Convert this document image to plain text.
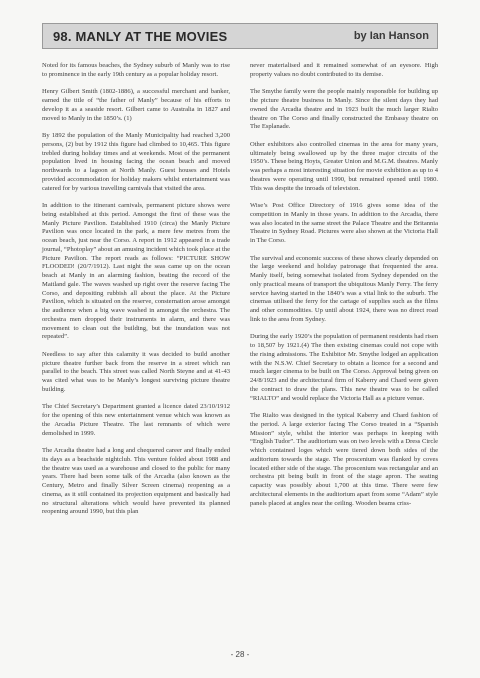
98. MANLY AT THE MOVIES	by Ian Hanson

Noted for its famous beaches, the Sydney suburb of Manly was to rise to prominence in the early 19th century as a popular holiday resort.

Henry Gilbert Smith (1802-1886), a successful merchant and banker, earned the title of “the father of Manly” because of his efforts to develop it as a seaside resort. Gilbert came to Australia in 1827 and moved to Manly in the 1850’s. (1)

By 1892 the population of the Manly Municipality had reached 3,200 persons, (2) but by 1912 this figure had climbed to 10,465. This figure trebled during holiday times and at weekends. Most of the permanent population lived in housing facing the ocean beach and moved northwards to a lagoon at North Manly. Guest houses and Hotels provided accommodation for holiday makers whilst entertainment was catered for by various travelling carnivals that visited the area.

In addition to the itinerant carnivals, permanent picture shows were being established at this period. Amongst the first of these was the Manly Picture Pavilion. Established 1910 (circa) the Manly Picture Pavilion was once located in the park, a mere few metres from the ocean beach, just near the Corso. A report in 1912 appeared in a trade journal, “Photoplay” about an amusing incident which took place at the Picture Pavilion. The report reads as follows: “PICTURE SHOW FLOODED! (20/7/1912). Last night the seas came up on the ocean beach at Manly in an alarming fashion, beating the record of the Maitland gale. The waves washed up right over the reserve facing The Corso, and depositing rubbish all about the place. At the Picture Pavilion, which is situated on the reserve, consternation arose amongst the audience when a big wave washed in amongst the orchestra. The orchestra men dropped their instruments in alarm, and there was movement to clean out the building, but the inundation was not repeated”.

Needless to say after this calamity it was decided to build another picture theatre further back from the reserve in a street which ran parallel to the beach. This street was called North Steyne and at 41-43 was cited what was to be Manly’s longest surviving picture theatre building.

The Chief Secretary’s Department granted a licence dated 23/10/1912 for the opening of this new entertainment venue which was known as the Arcadia Picture Theatre. The last remnants of which were demolished in 1999.

The Arcadia theatre had a long and chequered career and finally ended its days as a beachside nightclub. This venture folded about 1988 and the theatre was used as a warehouse and closed to the public for many years. There had been some talk of the Arcadia (also known as the Century, Metro and finally Silver Screen cinema) reopening as a cinema, as it still contained its projection equipment and basically had no structural alterations which would have prevented its planned reopening around 1990, but this plan

never materialised and it remained somewhat of an eyesore. High property values no doubt contributed to its demise.

The Smythe family were the people mainly responsible for building up the picture theatre business in Manly. Since the silent days they had owned the Arcadia theatre and in 1923 built the much larger Rialto theatre on The Corso and finally constructed the Embassy theatre on The Esplanade.

Other exhibitors also controlled cinemas in the area for many years, ultimately being swallowed up by the three major circuits of the 1950’s. These being Hoyts, Greater Union and M.G.M. theatres. Manly was perhaps a most interesting situation for movie exhibition as up to 4 theatres were operating until 1990, but remained opened until 1980. This was despite the inroads of television.

Wise’s Post Office Directory of 1916 gives some idea of the competition in Manly in those years. In addition to the Arcadia, there was also located in the same street the Palace Theatre and the Britannia Theatre in Sydney Road. Pictures were also shown at the Victoria Hall in The Corso.

The survival and economic success of these shows clearly depended on the large weekend and holiday patronage that frequented the area. Manly itself, being somewhat isolated from Sydney depended on the only practical means of transport the ubiquitous Manly Ferry. The ferry service having started in the 1840’s was a vital link to the suburb. The cinemas utilised the ferry for the cartage of supplies such as the films and other commodities. Up until about 1924, there was no direct road link to the area from Sydney.

During the early 1920’s the population of permanent residents had risen to 18,507 by 1921.(4) The then existing cinemas could not cope with the rising admissions. The Exhibitor Mr. Smythe lodged an application with the N.S.W. Chief Secretary to obtain a licence for a second and much larger cinema to be built on The Corso. Approval being given on 24/8/1923 and the architectural firm of Kaberry and Chard were given the contract to draw the plans. This new theatre was to be called “RIALTO” and would replace the Victoria Hall as a picture venue.

The Rialto was designed in the typical Kaberry and Chard fashion of the period. A large exterior facing The Corso treated in a “Spanish Mission” style, whilst the interior was perhaps in keeping with “English Tudor”. The auditorium was on two levels with a Dress Circle which contained loges which were tiered down both sides of the auditorium towards the stage. The proscenium was flanked by coves located either side of the stage. The proscenium was rectangular and an orchestra pit being built in front of the stage apron. The seating capacity was possibly about 1,700 at this time. There were few architectural elements in the auditorium apart from some “Adam” style panels placed at angles near the ceiling. Wooden beams criss-

- 28 -
